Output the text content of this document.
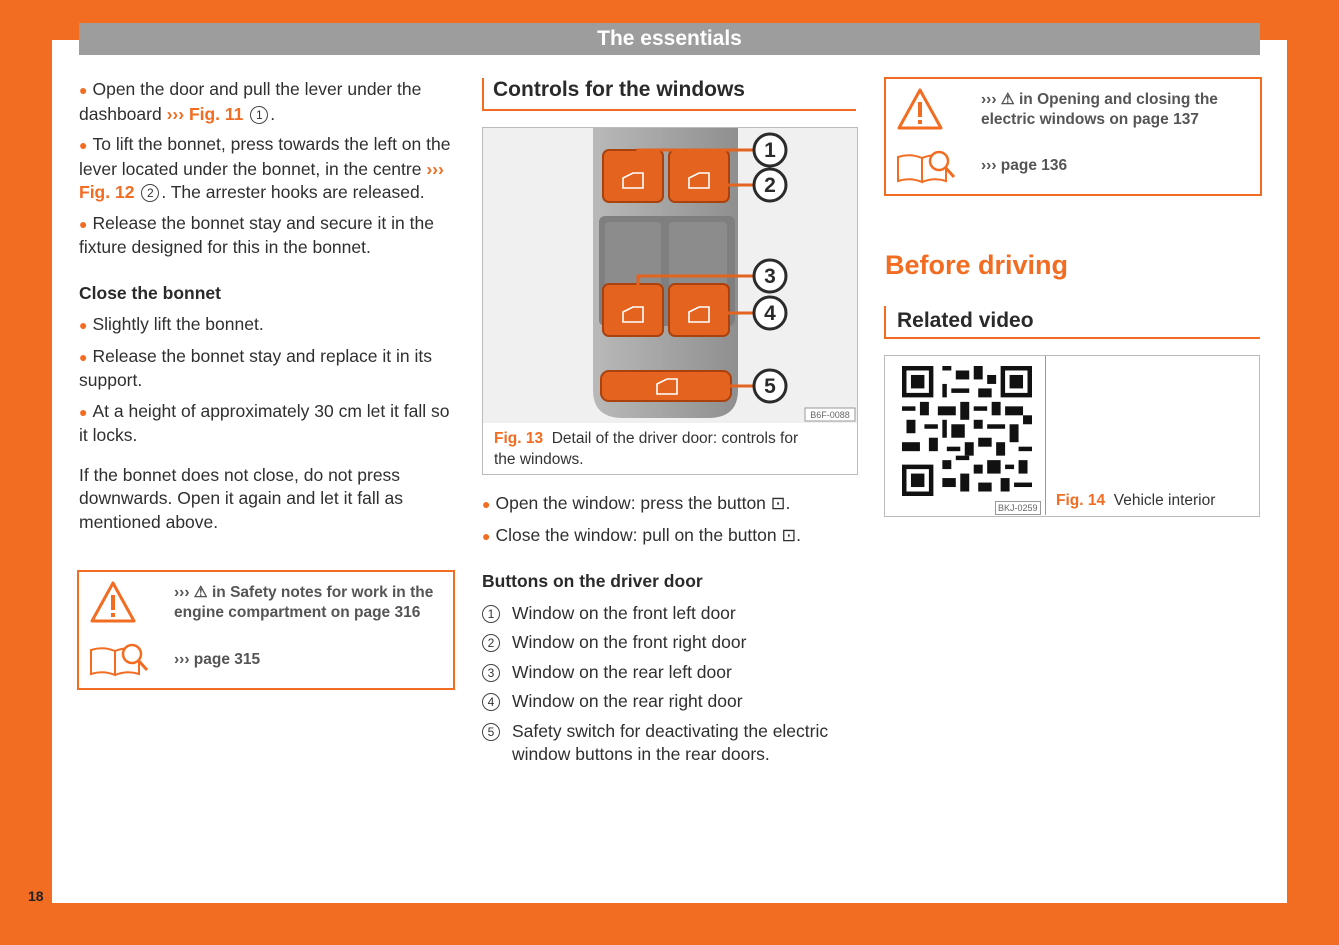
The essentials
18

● Open the door and pull the lever under the dashboard ››› Fig. 11 1 .

● To lift the bonnet, press towards the left on the lever located under the bonnet, in the centre ››› Fig. 12 2 . The arrester hooks are released.

● Release the bonnet stay and secure it in the fixture designed for this in the bonnet.

Close the bonnet

● Slightly lift the bonnet.

● Release the bonnet stay and replace it in its support.

● At a height of approximately 30 cm let it fall so it locks.

If the bonnet does not close, do not press downwards. Open it again and let it fall as mentioned above.

››› ⚠ in Safety notes for work in the
engine compartment on page 316
››› page 315
Controls for the windows
1
2
3
4
5
B6F-0088
Fig. 13 Detail of the driver door: controls for
the windows.

● Open the window: press the button ⊡.

● Close the window: pull on the button ⊡.

Buttons on the driver door
1	Window on the front left door
2	Window on the front right door
3	Window on the rear left door
4	Window on the rear right door
5	Safety switch for deactivating the electric window buttons in the rear doors.
››› ⚠ in Opening and closing the
electric windows on page 137
››› page 136
Before driving
Related video
BKJ-0259 Fig. 14 Vehicle interior
